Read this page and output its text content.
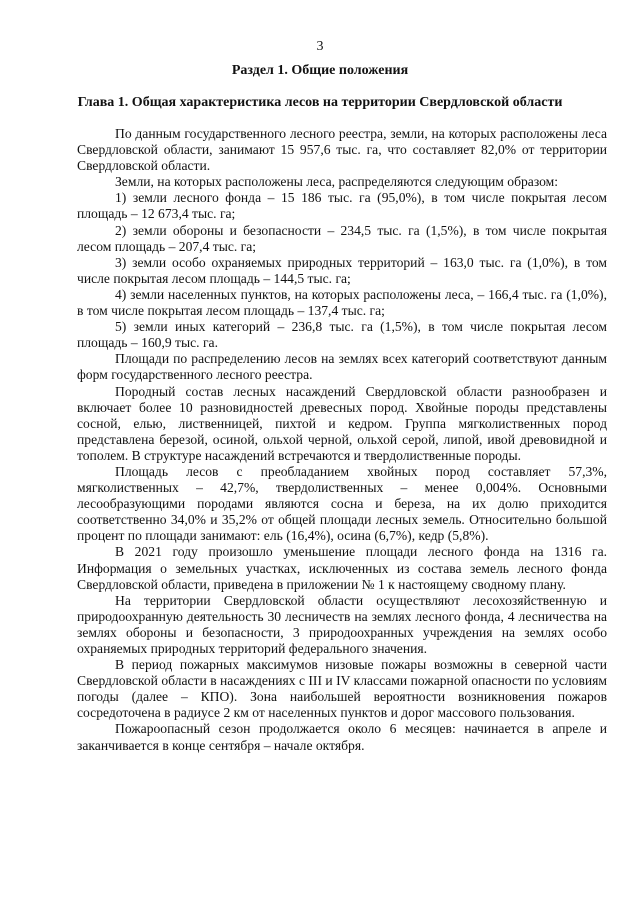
3
Раздел 1. Общие положения
Глава 1. Общая характеристика лесов на территории Свердловской области

По данным государственного лесного реестра, земли, на которых расположены леса Свердловской области, занимают 15 957,6 тыс. га, что составляет 82,0% от территории Свердловской области.

Земли, на которых расположены леса, распределяются следующим образом:

1) земли лесного фонда – 15 186 тыс. га (95,0%), в том числе покрытая лесом площадь – 12 673,4 тыс. га;

2) земли обороны и безопасности – 234,5 тыс. га (1,5%), в том числе покрытая лесом площадь – 207,4 тыс. га;

3) земли особо охраняемых природных территорий – 163,0 тыс. га (1,0%), в том числе покрытая лесом площадь – 144,5 тыс. га;

4) земли населенных пунктов, на которых расположены леса, – 166,4 тыс. га (1,0%), в том числе покрытая лесом площадь – 137,4 тыс. га;

5) земли иных категорий – 236,8 тыс. га (1,5%), в том числе покрытая лесом площадь – 160,9 тыс. га.

Площади по распределению лесов на землях всех категорий соответствуют данным форм государственного лесного реестра.

Породный состав лесных насаждений Свердловской области разнообразен и включает более 10 разновидностей древесных пород. Хвойные породы представлены сосной, елью, лиственницей, пихтой и кедром. Группа мягколиственных пород представлена березой, осиной, ольхой черной, ольхой серой, липой, ивой древовидной и тополем. В структуре насаждений встречаются и твердолиственные породы.

Площадь лесов с преобладанием хвойных пород составляет 57,3%, мягколиственных – 42,7%, твердолиственных – менее 0,004%. Основными лесообразующими породами являются сосна и береза, на их долю приходится соответственно 34,0% и 35,2% от общей площади лесных земель. Относительно большой процент по площади занимают: ель (16,4%), осина (6,7%), кедр (5,8%).

В 2021 году произошло уменьшение площади лесного фонда на 1316 га. Информация о земельных участках, исключенных из состава земель лесного фонда Свердловской области, приведена в приложении № 1 к настоящему сводному плану.

На территории Свердловской области осуществляют лесохозяйственную и природоохранную деятельность 30 лесничеств на землях лесного фонда, 4 лесничества на землях обороны и безопасности, 3 природоохранных учреждения на землях особо охраняемых природных территорий федерального значения.

В период пожарных максимумов низовые пожары возможны в северной части Свердловской области в насаждениях с III и IV классами пожарной опасности по условиям погоды (далее – КПО). Зона наибольшей вероятности возникновения пожаров сосредоточена в радиусе 2 км от населенных пунктов и дорог массового пользования.

Пожароопасный сезон продолжается около 6 месяцев: начинается в апреле и заканчивается в конце сентября – начале октября.
